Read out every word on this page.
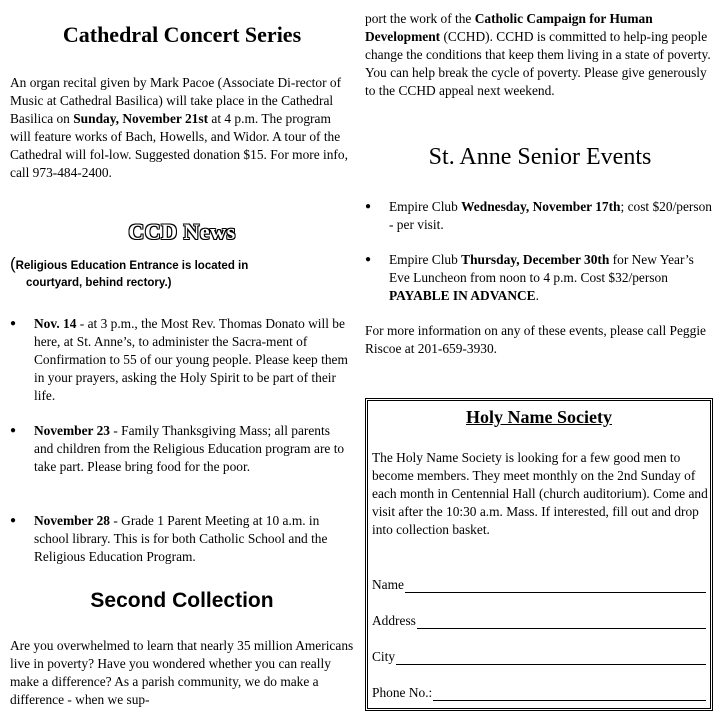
Cathedral Concert Series

An organ recital given by Mark Pacoe (Associate Di-rector of Music at Cathedral Basilica) will take place in the Cathedral Basilica on Sunday, November 21st at 4 p.m. The program will feature works of Bach, Howells, and Widor. A tour of the Cathedral will fol-low. Suggested donation $15. For more info, call 973-484-2400.

CCD News
(Religious Education Entrance is located in
courtyard, behind rectory.)
● Nov. 14 - at 3 p.m., the Most Rev. Thomas Donato will be here, at St. Anne’s, to administer the Sacra-ment of Confirmation to 55 of our young people. Please keep them in your prayers, asking the Holy Spirit to be part of their life.
● November 23 - Family Thanksgiving Mass; all parents and children from the Religious Education program are to take part. Please bring food for the poor.
● November 28 - Grade 1 Parent Meeting at 10 a.m. in school library. This is for both Catholic School and the Religious Education Program.
Second Collection

Are you overwhelmed to learn that nearly 35 million Americans live in poverty? Have you wondered whether you can really make a difference? As a parish community, we do make a difference - when we sup-

port the work of the Catholic Campaign for Human Development (CCHD). CCHD is committed to help-ing people change the conditions that keep them living in a state of poverty. You can help break the cycle of poverty. Please give generously to the CCHD appeal next weekend.

St. Anne Senior Events
● Empire Club Wednesday, November 17th; cost $20/person - per visit.
● Empire Club Thursday, December 30th for New Year’s Eve Luncheon from noon to 4 p.m. Cost $32/person PAYABLE IN ADVANCE.

For more information on any of these events, please call Peggie Riscoe at 201-659-3930.

Holy Name Society

The Holy Name Society is looking for a few good men to become members. They meet monthly on the 2nd Sunday of each month in Centennial Hall (church auditorium). Come and visit after the 10:30 a.m. Mass. If interested, fill out and drop into collection basket.

Name
Address
City
Phone No.:
